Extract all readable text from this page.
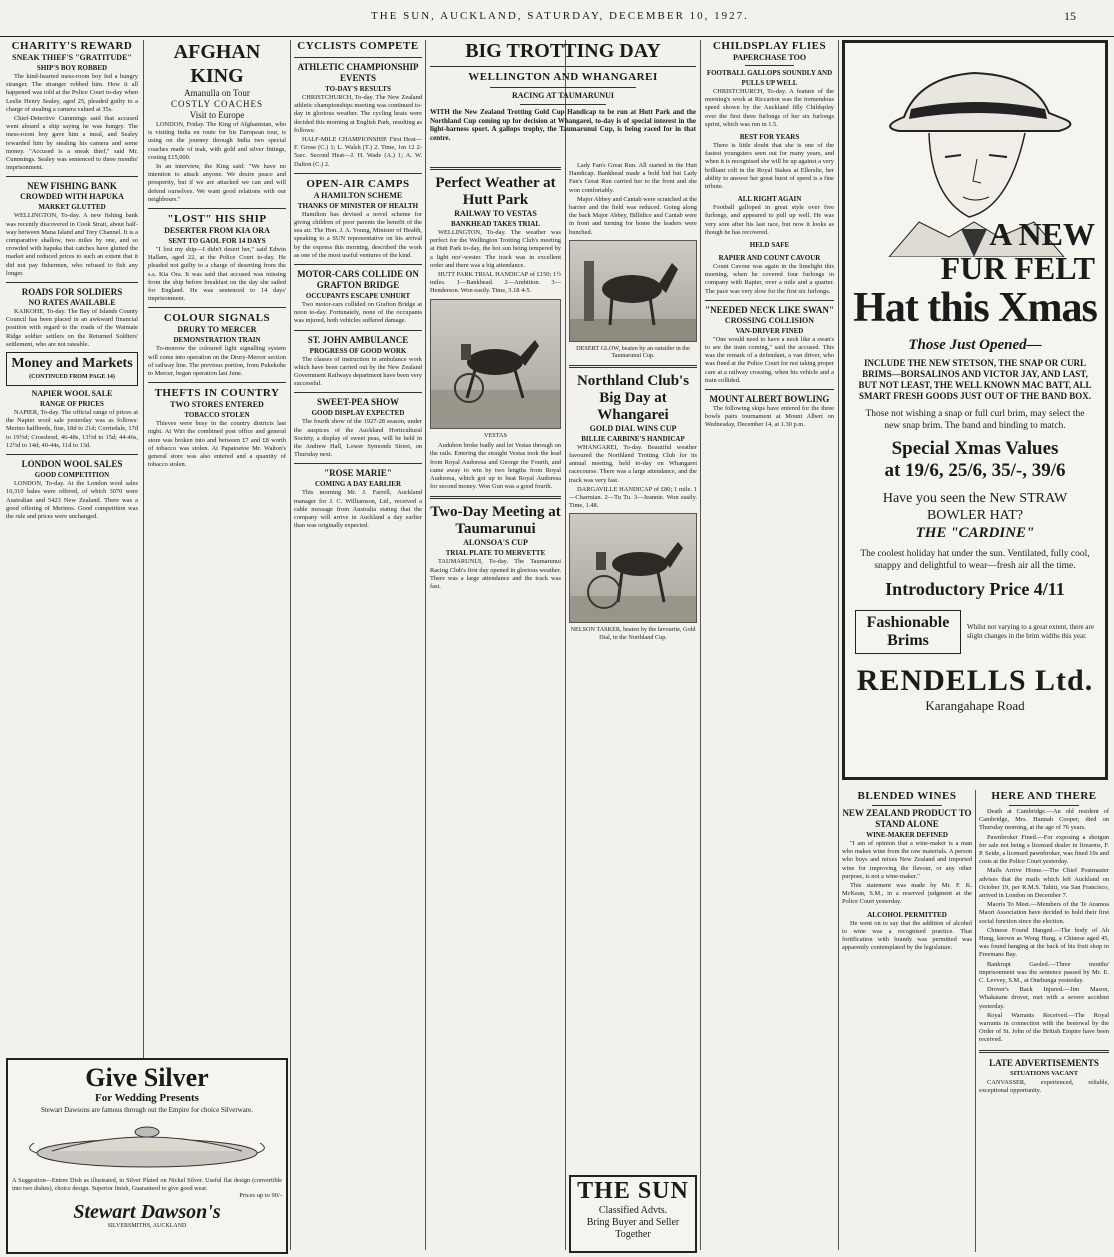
THE SUN, AUCKLAND, SATURDAY, DECEMBER 10, 1927.	15
CHARITY'S REWARD
SNEAK THIEF'S "GRATITUDE"
SHIP'S BOY ROBBED

The kind-hearted mess-room boy fed a hungry stranger. The stranger robbed him. How it all happened was told at the Police Court to-day when Leslie Henry Sealey, aged 25, pleaded guilty to a charge of stealing a camera valued at 35s.

Chief-Detective Cummings said that accused went aboard a ship saying he was hungry. The mess-room boy gave him a meal, and Sealey rewarded him by stealing his camera and some money. "Accused is a sneak thief," said Mr. Cummings. Sealey was sentenced to three months' imprisonment.

NEW FISHING BANK
CROWDED WITH HAPUKA
MARKET GLUTTED

WELLINGTON, To-day. A new fishing bank was recently discovered in Cook Strait, about half-way between Mana Island and Tory Channel. It is a comparative shallow, two miles by one, and so crowded with hapuka that catches have glutted the market and reduced prices to such an extent that it did not pay fishermen, who refused to fish any longer.

ROADS FOR SOLDIERS
NO RATES AVAILABLE

KAIKOHE, To-day. The Bay of Islands County Council has been placed in an awkward financial position with regard to the roads of the Waimate Ridge soldier settlers on the Returned Soldiers' settlement, who are not rateable.

Money and Markets
(CONTINUED FROM PAGE 14)
NAPIER WOOL SALE
RANGE OF PRICES

NAPIER, To-day. The official range of prices at the Napier wool sale yesterday was as follows: Merino halfbreds, fine, 18d to 21d; Corriedale, 17d to 19½d; Crossbred, 46-48s, 13½d to 15d; 44-46s, 12½d to 14d; 40-44s, 11d to 13d.

LONDON WOOL SALES
GOOD COMPETITION

LONDON, To-day. At the London wool sales 10,310 bales were offered, of which 3070 were Australian and 5423 New Zealand. There was a good offering of Merinos. Good competition was the rule and prices were unchanged.

AFGHAN KING
Amanulla on Tour
COSTLY COACHES
Visit to Europe

LONDON, Friday. The King of Afghanistan, who is visiting India en route for his European tour, is using on the journey through India two special coaches made of teak, with gold and silver fittings, costing £15,000.

In an interview, the King said: "We have no intention to attack anyone. We desire peace and prosperity, but if we are attacked we can and will defend ourselves. We want good relations with our neighbours."

"LOST" HIS SHIP
DESERTER FROM KIA ORA
SENT TO GAOL FOR 14 DAYS

"I lost my ship—I didn't desert her," said Edwin Hallam, aged 22, at the Police Court to-day. He pleaded not guilty to a charge of deserting from the s.s. Kia Ora. It was said that accused was missing from the ship before breakfast on the day she sailed for England. He was sentenced to 14 days' imprisonment.

COLOUR SIGNALS
DRURY TO MERCER
DEMONSTRATION TRAIN

To-morrow the coloured light signalling system will come into operation on the Drury-Mercer section of railway line. The previous portion, from Pukekohe to Mercer, began operation last June.

THEFTS IN COUNTRY
TWO STORES ENTERED
TOBACCO STOLEN

Thieves were busy in the country districts last night. At Wiri the combined post office and general store was broken into and between £7 and £8 worth of tobacco was stolen. At Papatoetoe Mr. Walton's general store was also entered and a quantity of tobacco stolen.

Give Silver
For Wedding Presents
Stewart Dawsons are famous through out the Empire for choice Silverware.
A Suggestion—Entree Dish as illustrated, in Silver Plated on Nickel Silver. Useful flat design (convertible into two dishes), choice design. Superior finish, Guaranteed to give good wear.
Prices up to 90/-
Stewart Dawson's
SILVERSMITHS, AUCKLAND
CYCLISTS COMPETE
ATHLETIC CHAMPIONSHIP EVENTS
TO-DAY'S RESULTS

CHRISTCHURCH, To-day. The New Zealand athletic championships meeting was continued to-day in glorious weather. The cycling heats were decided this morning at English Park, resulting as follows:

HALF-MILE CHAMPIONSHIP. First Heat—F. Grose (C.) 1; L. Walsh (T.) 2. Time, 1m 12 2-5sec. Second Heat—J. H. Wade (A.) 1; A. W. Dalton (C.) 2.

OPEN-AIR CAMPS
A HAMILTON SCHEME
THANKS OF MINISTER OF HEALTH

Hamilton has devised a novel scheme for giving children of poor parents the benefit of the sea air. The Hon. J. A. Young, Minister of Health, speaking to a SUN representative on his arrival by the express this morning, described the work as one of the most useful ventures of the kind.

MOTOR-CARS COLLIDE ON GRAFTON BRIDGE
OCCUPANTS ESCAPE UNHURT

Two motor-cars collided on Grafton Bridge at noon to-day. Fortunately, none of the occupants was injured, both vehicles suffered damage.

ST. JOHN AMBULANCE
PROGRESS OF GOOD WORK

The classes of instruction in ambulance work which have been carried out by the New Zealand Government Railways department have been very successful.

SWEET-PEA SHOW
GOOD DISPLAY EXPECTED

The fourth show of the 1927-28 season, under the auspices of the Auckland Horticultural Society, a display of sweet peas, will be held in the Andrew Hall, Lower Symonds Street, on Thursday next.

"ROSE MARIE"
COMING A DAY EARLIER

This morning Mr. J. Farrell, Auckland manager for J. C. Williamson, Ltd., received a cable message from Australia stating that the company will arrive in Auckland a day earlier than was originally expected.

BIG TROTTING DAY
WELLINGTON AND WHANGAREI
RACING AT TAUMARUNUI
WITH the New Zealand Trotting Gold Cup Handicap to be run at Hutt Park and the Northland Cup coming up for decision at Whangarei, to-day is of special interest in the light-harness sport. A gallops trophy, the Taumarunui Cup, is being raced for in that centre.
Perfect Weather at Hutt Park
RAILWAY TO VESTAS
BANKHEAD TAKES TRIAL

WELLINGTON, To-day. The weather was perfect for the Wellington Trotting Club's meeting at Hutt Park to-day, the hot sun being tempered by a light nor'-wester. The track was in excellent order and there was a big attendance.

HUTT PARK TRIAL HANDICAP of £150; 1½ miles. 1—Bankhead. 2—Ambition. 3—Henderson. Won easily. Time, 3.18 4-5.

VESTAS

Audubon broke badly and let Vestas through on the rails. Entering the straight Vestas took the lead from Royal Audoresa and George the Fourth, and came away to win by two lengths from Royal Audoresa, which got up to beat Royal Audoresa for second money. Won Gun was a good fourth.

Two-Day Meeting at Taumarunui
ALONSOA'S CUP
TRIAL PLATE TO MERVETTE

TAUMARUNUI, To-day. The Taumarunui Racing Club's first day opened in glorious weather. There was a large attendance and the track was fast.

Lady Fan's Great Run. All started in the Hutt Handicap. Bankhead made a bold bid but Lady Fan's Great Run carried her to the front and she won comfortably.

Major Abbey and Cantab were scratched at the barrier and the field was reduced. Going along the back Major Abbey, Billidice and Cantab were in front and turning for home the leaders were bunched.

DESERT GLOW, beaten by an outsider in the Taumarunui Cup.
Northland Club's Big Day at Whangarei
GOLD DIAL WINS CUP
BILLIE CARBINE'S HANDICAP

WHANGAREI, To-day. Beautiful weather favoured the Northland Trotting Club for its annual meeting, held to-day on Whangarei racecourse. There was a large attendance, and the track was very fast.

DARGAVILLE HANDICAP of £80; 1 mile. 1—Charmian. 2—Tu Tu. 3—Jeannie. Won easily. Time, 1.48.

NELSON TASKER, beaten by the favourite, Gold Dial, in the Northland Cup.
THE SUN
Classified Advts.
Bring Buyer and Seller Together
CHILDSPLAY FLIES
PAPERCHASE TOO
FOOTBALL GALLOPS SOUNDLY AND PULLS UP WELL

CHRISTCHURCH, To-day. A feature of the morning's work at Riccarton was the tremendous speed shown by the Auckland filly Childsplay over the first three furlongs of her six furlongs sprint, which was run in 1.5.

BEST FOR YEARS

There is little doubt that she is one of the fastest youngsters seen out for many years, and when it is recognised she will be up against a very brilliant colt in the Royal Stakes at Ellerslie, her ability to answer her great burst of speed is a fine tribute.

ALL RIGHT AGAIN

Football galloped in great style over five furlongs, and appeared to pull up well. He was very sore after his last race, but now it looks as though he has recovered.

HELD SAFE
RAPIER AND COUNT CAVOUR

Count Cavour was again in the limelight this morning, when he covered four furlongs in company with Rapier, over a mile and a quarter. The pace was very slow for the first six furlongs.

"NEEDED NECK LIKE SWAN"
CROSSING COLLISION
VAN-DRIVER FINED

"One would need to have a neck like a swan's to see the train coming," said the accused. This was the remark of a defendant, a van driver, who was fined at the Police Court for not taking proper care at a railway crossing, when his vehicle and a train collided.

MOUNT ALBERT BOWLING

The following skips have entered for the three bowls pairs tournament at Mount Albert on Wednesday, December 14, at 1.30 p.m.

A NEW
FUR FELT
Hat this Xmas
Those Just Opened—
INCLUDE THE NEW STETSON, THE SNAP OR CURL BRIMS—BORSALINOS AND VICTOR JAY, AND LAST, BUT NOT LEAST, THE WELL KNOWN MAC BATT, ALL SMART FRESH GOODS JUST OUT OF THE BAND BOX.
Those not wishing a snap or full curl brim, may select the new snap brim. The band and binding to match.
Special Xmas Values
at 19/6, 25/6, 35/-, 39/6
Have you seen the New STRAW BOWLER HAT?
THE "CARDINE"
The coolest holiday hat under the sun. Ventilated, fully cool, snappy and delightful to wear—fresh air all the time.
Introductory Price 4/11
Fashionable Brims
Whilst not varying to a great extent, there are slight changes in the brim widths this year.
RENDELLS Ltd.
Karangahape Road
BLENDED WINES
NEW ZEALAND PRODUCT TO STAND ALONE
WINE-MAKER DEFINED

"I am of opinion that a wine-maker is a man who makes wine from the raw materials. A person who buys and mixes New Zealand and imported wine for improving the flavour, or any other purpose, is not a wine-maker."

This statement was made by Mr. F. K. McKean, S.M., in a reserved judgment at the Police Court yesterday.

ALCOHOL PERMITTED

He went on to say that the addition of alcohol to wine was a recognised practice. That fortification with brandy was permitted was apparently contemplated by the legislature.

HERE AND THERE

Death at Cambridge.—An old resident of Cambridge, Mrs. Hannah Cooper, died on Thursday morning, at the age of 76 years.

Pawnbroker Fined.—For exposing a shotgun for sale not being a licensed dealer in firearms, F. P. Seide, a licensed pawnbroker, was fined 10s and costs at the Police Court yesterday.

Mails Arrive Home.—The Chief Postmaster advises that the mails which left Auckland on October 19, per R.M.S. Tahiti, via San Francisco, arrived in London on December 7.

Maoris To Meet.—Members of the Te Aramoa Maori Association have decided to hold their first social function since the election.

Chinese Found Hanged.—The body of Ah Hung, known as Wong Hang, a Chinese aged 45, was found hanging at the back of his fruit shop in Freemans Bay.

Bankrupt Gaoled.—Three months' imprisonment was the sentence passed by Mr. E. C. Levvey, S.M., at Onehunga yesterday.

Drover's Back Injured.—Jim Mason, Whakatane drover, met with a severe accident yesterday.

Royal Warrants Received.—The Royal warrants in connection with the bestowal by the Order of St. John of the British Empire have been received.

LATE ADVERTISEMENTS
SITUATIONS VACANT

CANVASSER, experienced, reliable, exceptional opportunity.
